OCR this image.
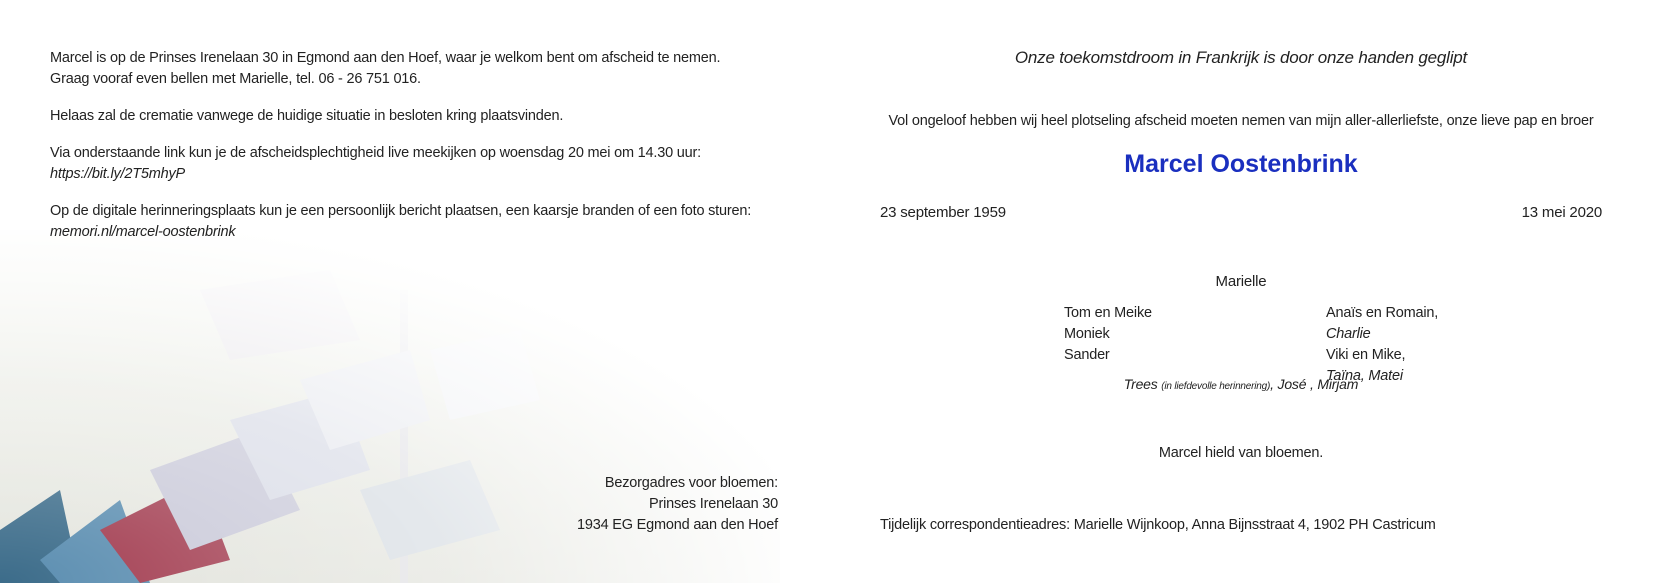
Marcel is op de Prinses Irenelaan 30 in Egmond aan den Hoef, waar je welkom bent om afscheid te nemen.
Graag vooraf even bellen met Marielle, tel. 06 - 26 751 016.

Helaas zal de crematie vanwege de huidige situatie in besloten kring plaatsvinden.

Via onderstaande link kun je de afscheidsplechtigheid live meekijken op woensdag 20 mei om 14.30 uur:
https://bit.ly/2T5mhyP

Op de digitale herinneringsplaats kun je een persoonlijk bericht plaatsen, een kaarsje branden of een foto sturen:
memori.nl/marcel-oostenbrink

Bezorgadres voor bloemen:
Prinses Irenelaan 30
1934 EG Egmond aan den Hoef
Onze toekomstdroom in Frankrijk is door onze handen geglipt
Vol ongeloof hebben wij heel plotseling afscheid moeten nemen van mijn aller-allerliefste, onze lieve pap en broer
Marcel Oostenbrink
23 september 1959	13 mei 2020
Marielle
Tom en Meike
Moniek
Sander
Anaïs en Romain,
Charlie
Viki en Mike,
Taïna, Matei
Trees (in liefdevolle herinnering), José , Mirjam
Marcel hield van bloemen.
Tijdelijk correspondentieadres: Marielle Wijnkoop, Anna Bijnsstraat 4, 1902 PH Castricum
